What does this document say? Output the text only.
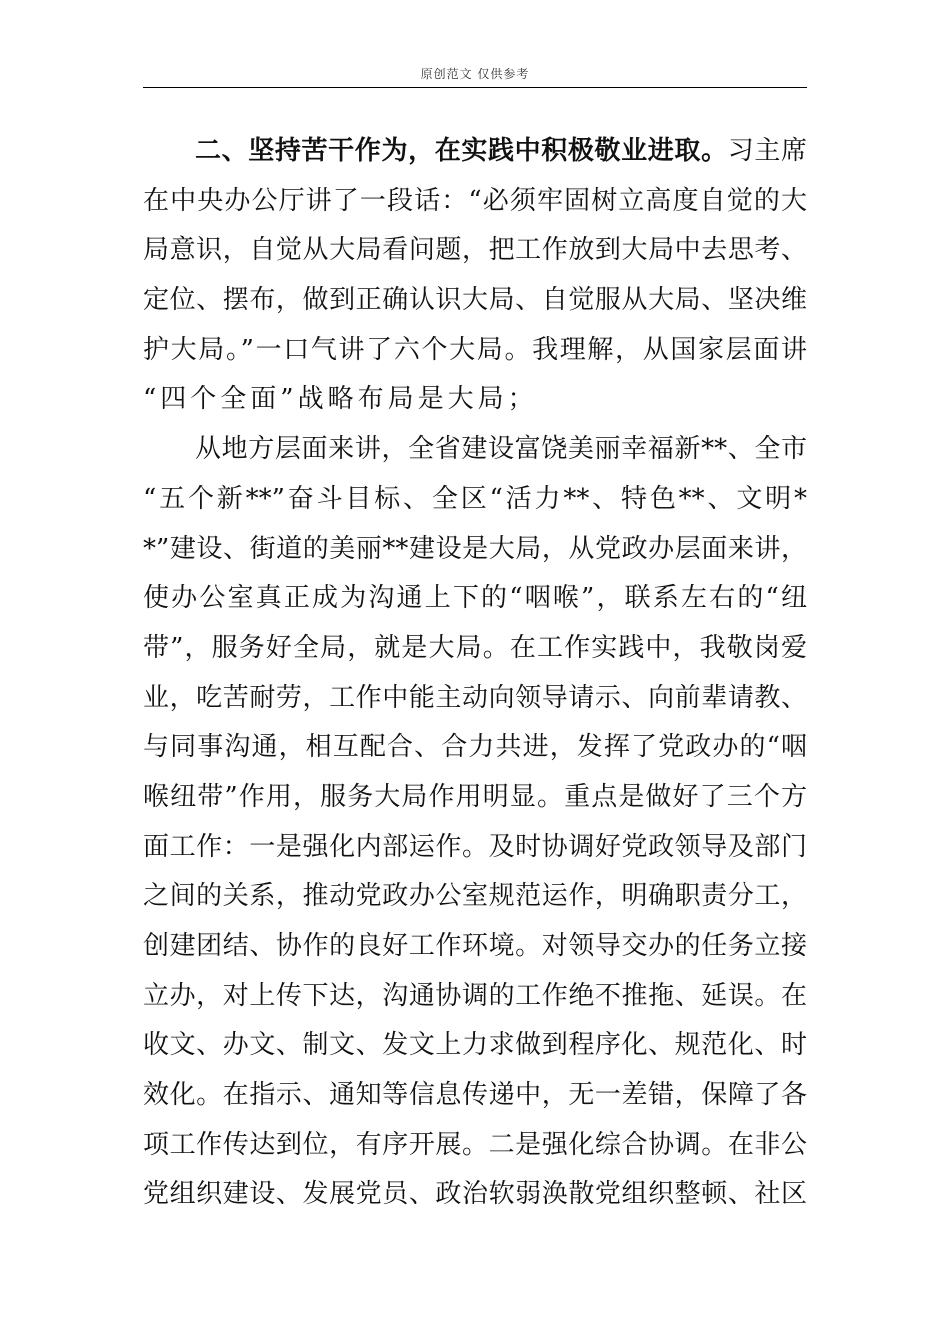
原创范文 仅供参考
二、坚持苦干作为，在实践中积极敬业进取。习主席
在中央办公厅讲了一段话：“必须牢固树立高度自觉的大
局意识，自觉从大局看问题，把工作放到大局中去思考、
定位、摆布，做到正确认识大局、自觉服从大局、坚决维
护大局。”一口气讲了六个大局。我理解，从国家层面讲
“四个全面”战略布局是大局；
从地方层面来讲，全省建设富饶美丽幸福新**、全市
“五个新**”奋斗目标、全区“活力**、特色**、文明*
*”建设、街道的美丽**建设是大局，从党政办层面来讲，
使办公室真正成为沟通上下的“咽喉”，联系左右的“纽
带”，服务好全局，就是大局。在工作实践中，我敬岗爱
业，吃苦耐劳，工作中能主动向领导请示、向前辈请教、
与同事沟通，相互配合、合力共进，发挥了党政办的“咽
喉纽带”作用，服务大局作用明显。重点是做好了三个方
面工作：一是强化内部运作。及时协调好党政领导及部门
之间的关系，推动党政办公室规范运作，明确职责分工，
创建团结、协作的良好工作环境。对领导交办的任务立接
立办，对上传下达，沟通协调的工作绝不推拖、延误。在
收文、办文、制文、发文上力求做到程序化、规范化、时
效化。在指示、通知等信息传递中，无一差错，保障了各
项工作传达到位，有序开展。二是强化综合协调。在非公
党组织建设、发展党员、政治软弱涣散党组织整顿、社区
